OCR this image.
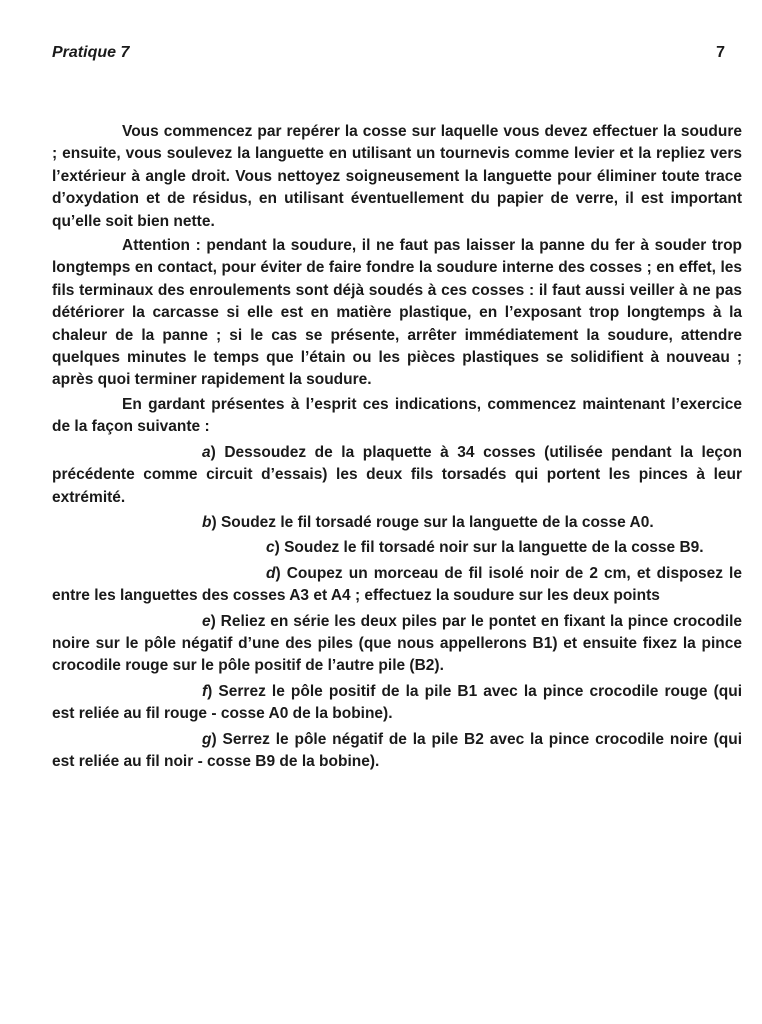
Pratique 7	7

Vous commencez par repérer la cosse sur laquelle vous devez effectuer la soudure ; ensuite, vous soulevez la languette en utilisant un tournevis comme levier et la repliez vers l’extérieur à angle droit. Vous nettoyez soigneusement la languette pour éliminer toute trace d’oxydation et de résidus, en utilisant éventuellement du papier de verre, il est important qu’elle soit bien nette.

Attention : pendant la soudure, il ne faut pas laisser la panne du fer à souder trop longtemps en contact, pour éviter de faire fondre la soudure interne des cosses ; en effet, les fils terminaux des enroulements sont déjà soudés à ces cosses : il faut aussi veiller à ne pas détériorer la carcasse si elle est en matière plastique, en l’exposant trop longtemps à la chaleur de la panne ; si le cas se présente, arrêter immédiatement la soudure, attendre quelques minutes le temps que l’étain ou les pièces plastiques se solidifient à nouveau ; après quoi terminer rapidement la soudure.

En gardant présentes à l’esprit ces indications, commencez maintenant l’exercice de la façon suivante :

a) Dessoudez de la plaquette à 34 cosses (utilisée pendant la leçon précédente comme circuit d’essais) les deux fils torsadés qui portent les pinces à leur extrémité.

b) Soudez le fil torsadé rouge sur la languette de la cosse A0.

c) Soudez le fil torsadé noir sur la languette de la cosse B9.

d) Coupez un morceau de fil isolé noir de 2 cm, et disposez le entre les languettes des cosses A3 et A4 ; effectuez la soudure sur les deux points

e) Reliez en série les deux piles par le pontet en fixant la pince crocodile noire sur le pôle négatif d’une des piles (que nous appellerons B1) et ensuite fixez la pince crocodile rouge sur le pôle positif de l’autre pile (B2).

f) Serrez le pôle positif de la pile B1 avec la pince crocodile rouge (qui est reliée au fil rouge - cosse A0 de la bobine).

g) Serrez le pôle négatif de la pile B2 avec la pince crocodile noire (qui est reliée au fil noir - cosse B9 de la bobine).
